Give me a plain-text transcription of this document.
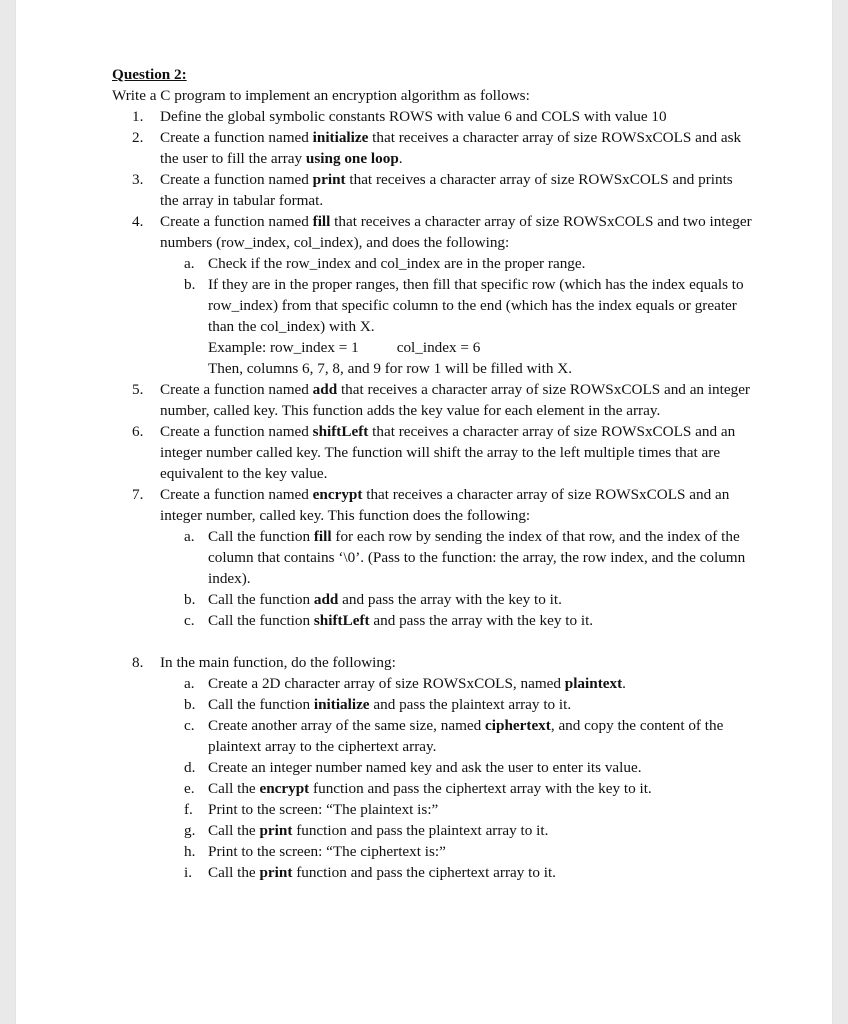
Question 2:
Write a C program to implement an encryption algorithm as follows:
1. Define the global symbolic constants ROWS with value 6 and COLS with value 10
2. Create a function named initialize that receives a character array of size ROWSxCOLS and ask the user to fill the array using one loop.
3. Create a function named print that receives a character array of size ROWSxCOLS and prints the array in tabular format.
4. Create a function named fill that receives a character array of size ROWSxCOLS and two integer numbers (row_index, col_index), and does the following:
a. Check if the row_index and col_index are in the proper range.
b. If they are in the proper ranges, then fill that specific row (which has the index equals to row_index) from that specific column to the end (which has the index equals or greater than the col_index) with X.
Example: row_index = 1	col_index = 6
Then, columns 6, 7, 8, and 9 for row 1 will be filled with X.
5. Create a function named add that receives a character array of size ROWSxCOLS and an integer number, called key. This function adds the key value for each element in the array.
6. Create a function named shiftLeft that receives a character array of size ROWSxCOLS and an integer number called key. The function will shift the array to the left multiple times that are equivalent to the key value.
7. Create a function named encrypt that receives a character array of size ROWSxCOLS and an integer number, called key. This function does the following:
a. Call the function fill for each row by sending the index of that row, and the index of the column that contains ‘\0’. (Pass to the function: the array, the row index, and the column index).
b. Call the function add and pass the array with the key to it.
c. Call the function shiftLeft and pass the array with the key to it.
8. In the main function, do the following:
a. Create a 2D character array of size ROWSxCOLS, named plaintext.
b. Call the function initialize and pass the plaintext array to it.
c. Create another array of the same size, named ciphertext, and copy the content of the plaintext array to the ciphertext array.
d. Create an integer number named key and ask the user to enter its value.
e. Call the encrypt function and pass the ciphertext array with the key to it.
f. Print to the screen: “The plaintext is:”
g. Call the print function and pass the plaintext array to it.
h. Print to the screen: “The ciphertext is:”
i. Call the print function and pass the ciphertext array to it.
